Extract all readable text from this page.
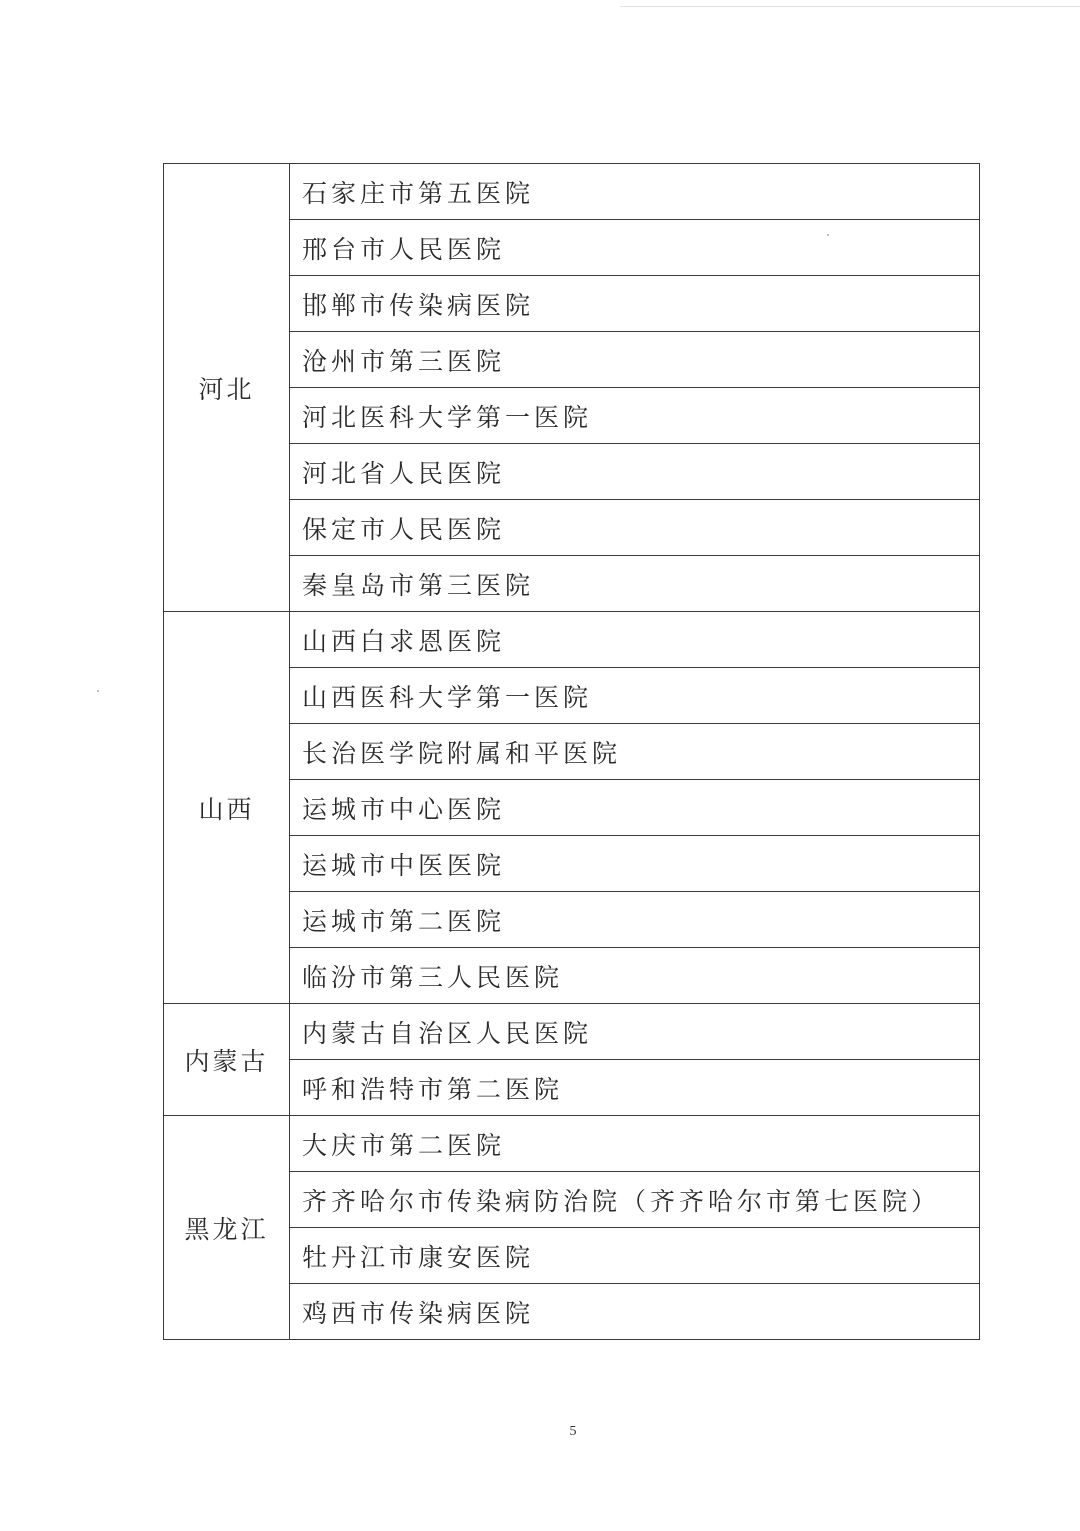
河北	石家庄市第五医院
	邢台市人民医院
	邯郸市传染病医院
	沧州市第三医院
	河北医科大学第一医院
	河北省人民医院
	保定市人民医院
	秦皇岛市第三医院
山西	山西白求恩医院
	山西医科大学第一医院
	长治医学院附属和平医院
	运城市中心医院
	运城市中医医院
	运城市第二医院
	临汾市第三人民医院
内蒙古	内蒙古自治区人民医院
	呼和浩特市第二医院
黑龙江	大庆市第二医院
	齐齐哈尔市传染病防治院（齐齐哈尔市第七医院）
	牡丹江市康安医院
	鸡西市传染病医院
5
